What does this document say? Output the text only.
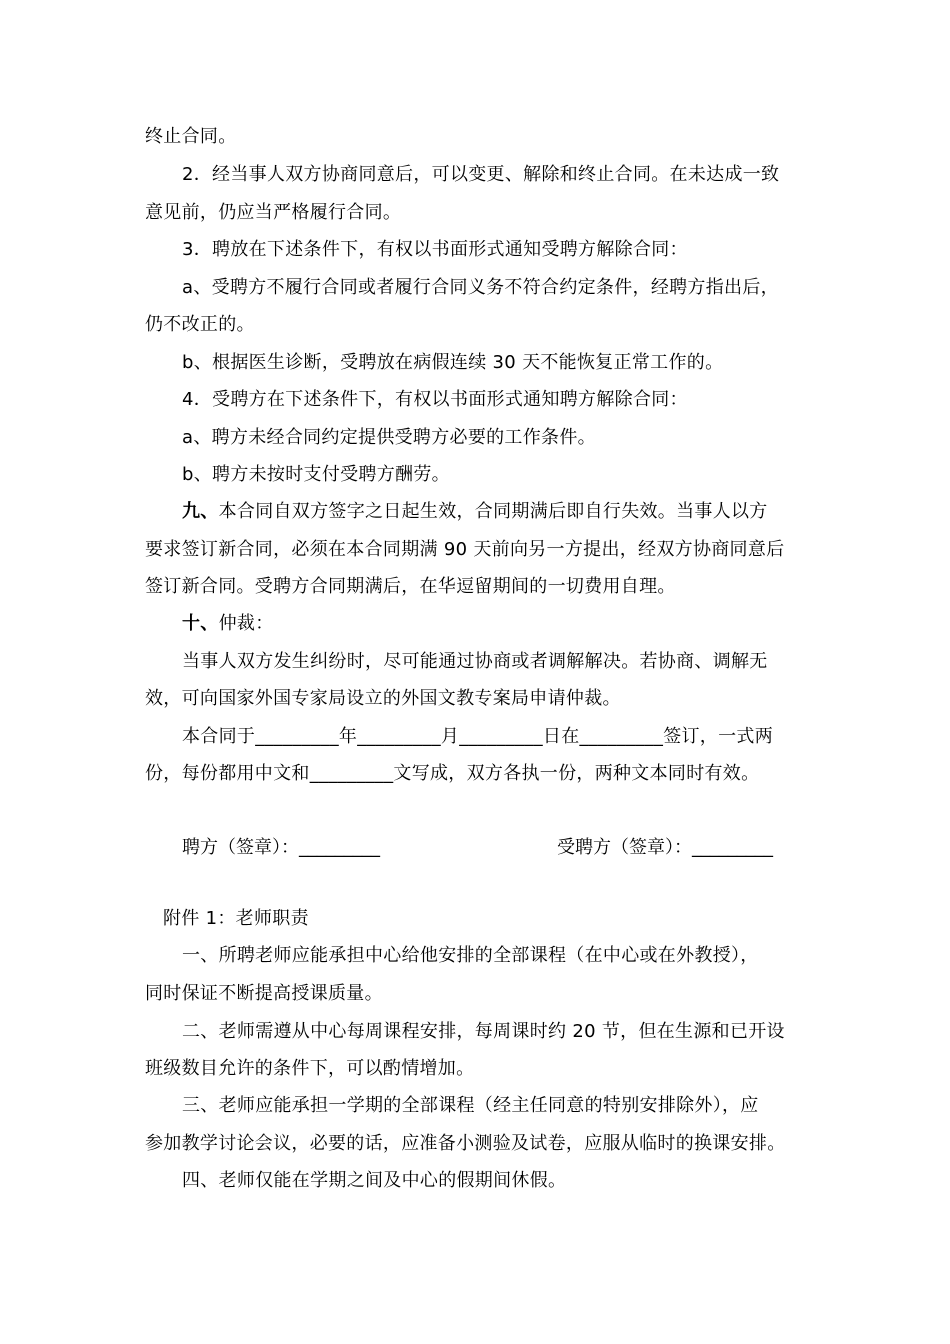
终止合同。
2．经当事人双方协商同意后，可以变更、解除和终止合同。在未达成一致
意见前，仍应当严格履行合同。
3．聘放在下述条件下，有权以书面形式通知受聘方解除合同：
a、受聘方不履行合同或者履行合同义务不符合约定条件，经聘方指出后，
仍不改正的。
b、根据医生诊断，受聘放在病假连续 30 天不能恢复正常工作的。
4．受聘方在下述条件下，有权以书面形式通知聘方解除合同：
a、聘方未经合同约定提供受聘方必要的工作条件。
b、聘方未按时支付受聘方酬劳。
九、本合同自双方签字之日起生效，合同期满后即自行失效。当事人以方
要求签订新合同，必须在本合同期满 90 天前向另一方提出，经双方协商同意后
签订新合同。受聘方合同期满后，在华逗留期间的一切费用自理。
十、仲裁：
当事人双方发生纠纷时，尽可能通过协商或者调解解决。若协商、调解无
效，可向国家外国专家局设立的外国文教专案局申请仲裁。
本合同于_________年_________月_________日在_________签订，一式两
份，每份都用中文和_________文写成，双方各执一份，两种文本同时有效。
聘方（签章）：_________	受聘方（签章）：_________
附件 1：老师职责
一、所聘老师应能承担中心给他安排的全部课程（在中心或在外教授），
同时保证不断提高授课质量。
二、老师需遵从中心每周课程安排，每周课时约 20 节，但在生源和已开设
班级数目允许的条件下，可以酌情增加。
三、老师应能承担一学期的全部课程（经主任同意的特别安排除外），应
参加教学讨论会议，必要的话，应准备小测验及试卷，应服从临时的换课安排。
四、老师仅能在学期之间及中心的假期间休假。
